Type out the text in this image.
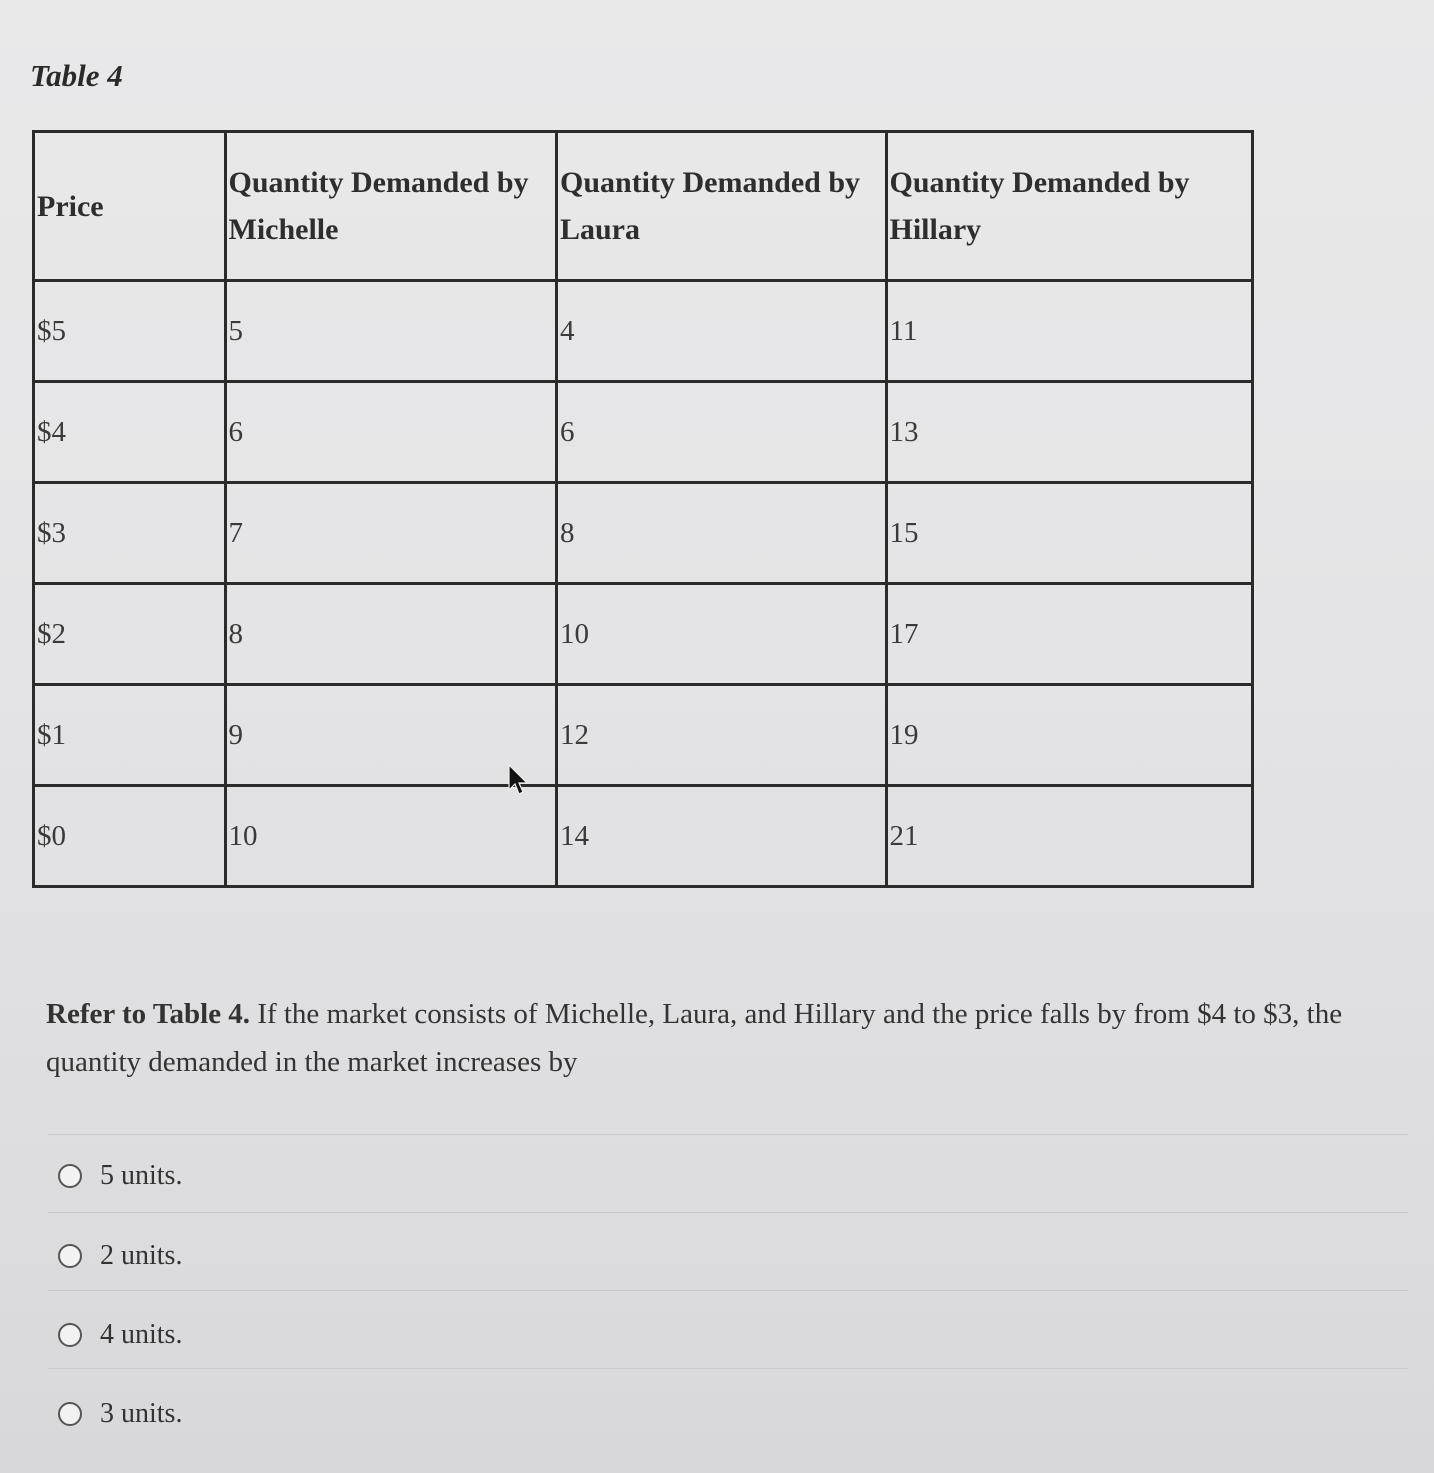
Table 4
Price	Quantity Demanded by Michelle	Quantity Demanded by Laura	Quantity Demanded by Hillary
$5	5	4	11
$4	6	6	13
$3	7	8	15
$2	8	10	17
$1	9	12	19
$0	10	14	21

Refer to Table 4. If the market consists of Michelle, Laura, and Hillary and the price falls by from $4 to $3, the quantity demanded in the market increases by

5 units.
2 units.
4 units.
3 units.
